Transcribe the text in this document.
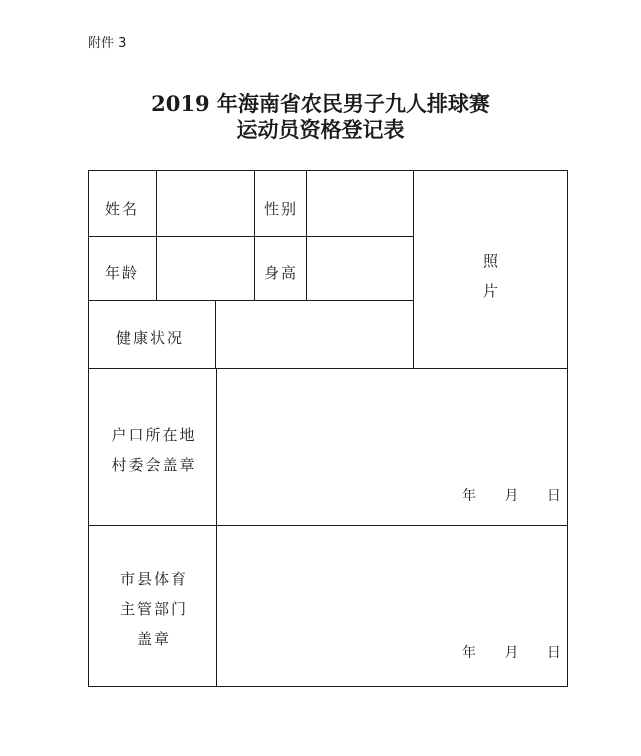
附件 3
2019 年海南省农民男子九人排球赛
运动员资格登记表
姓名	性别
年龄	身高
健康状况
照
片
户口所在地
村委会盖章
年 月 日
市县体育
主管部门
盖章
年 月 日
